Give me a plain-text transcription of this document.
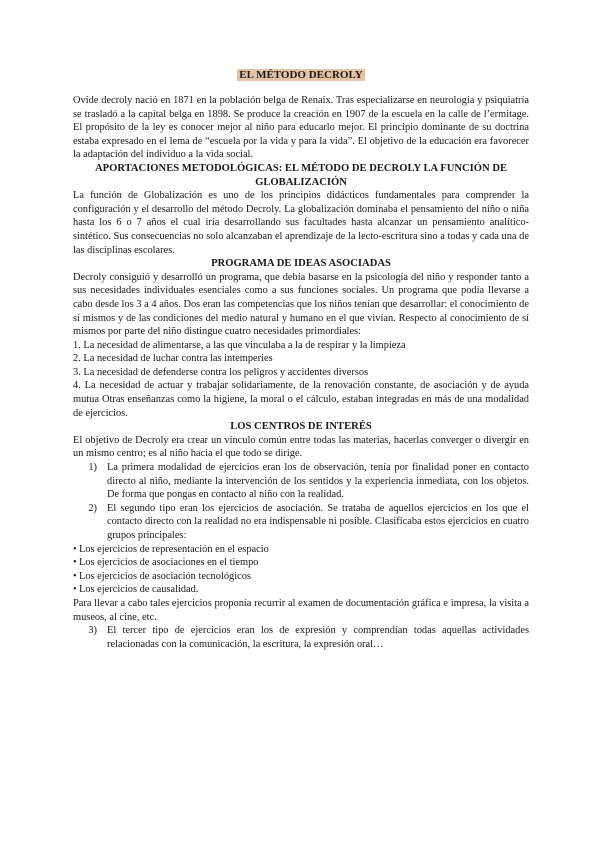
EL MÉTODO DECROLY

Ovide decroly nació en 1871 en la población belga de Renaix. Tras especializarse en neurología y psiquiatría se trasladó a la capital belga en 1898. Se produce la creación en 1907 de la escuela en la calle de l’ermitage. El propósito de la ley es conocer mejor al niño para educarlo mejor. El principio dominante de su doctrina estaba expresado en el lema de “escuela por la vida y para la vida”. El objetivo de la educación era favorecer la adaptación del individuo a la vida social.

APORTACIONES METODOLÓGICAS: EL MÉTODO DE DECROLY LA FUNCIÓN DE GLOBALIZACIÓN

La función de Globalización es uno de los principios didácticos fundamentales para comprender la configuración y el desarrollo del método Decroly. La globalización dominaba el pensamiento del niño o niña hasta los 6 o 7 años el cual iría desarrollando sus facultades hasta alcanzar un pensamiento analítico-sintético. Sus consecuencias no solo alcanzaban el aprendizaje de la lecto-escritura sino a todas y cada una de las disciplinas escolares.

PROGRAMA DE IDEAS ASOCIADAS

Decroly consiguió y desarrolló un programa, que debía basarse en la psicología del niño y responder tanto a sus necesidades individuales esenciales como a sus funciones sociales. Un programa que podía llevarse a cabo desde los 3 a 4 años. Dos eran las competencias que los niños tenían que desarrollar: el conocimiento de sí mismos y de las condiciones del medio natural y humano en el que vivían. Respecto al conocimiento de sí mismos por parte del niño distingue cuatro necesidades primordiales:

1. La necesidad de alimentarse, a las que vinculaba a la de respirar y la limpieza

2. La necesidad de luchar contra las intemperies

3. La necesidad de defenderse contra los peligros y accidentes diversos

4. La necesidad de actuar y trabajar solidariamente, de la renovación constante, de asociación y de ayuda mutua Otras enseñanzas como la higiene, la moral o el cálculo, estaban integradas en más de una modalidad de ejercicios.

LOS CENTROS DE INTERÉS

El objetivo de Decroly era crear un vínculo común entre todas las materias, hacerlas converger o divergir en un mismo centro; es al niño hacia el que todo se dirige.

1) La primera modalidad de ejercicios eran los de observación, tenía por finalidad poner en contacto directo al niño, mediante la intervención de los sentidos y la experiencia inmediata, con los objetos. De forma que pongas en contacto al niño con la realidad.
2) El segundo tipo eran los ejercicios de asociación. Se trataba de aquellos ejercicios en los que el contacto directo con la realidad no era indispensable ni posible. Clasificaba estos ejercicios en cuatro grupos principales:
• Los ejercicios de representación en el espacio
• Los ejercicios de asociaciones en el tiempo
• Los ejercicios de asociación tecnológicos
• Los ejercicios de causalidad.

Para llevar a cabo tales ejercicios proponía recurrir al examen de documentación gráfica e impresa, la visita a museos, al cine, etc.

3) El tercer tipo de ejercicios eran los de expresión y comprendían todas aquellas actividades relacionadas con la comunicación, la escritura, la expresión oral…
